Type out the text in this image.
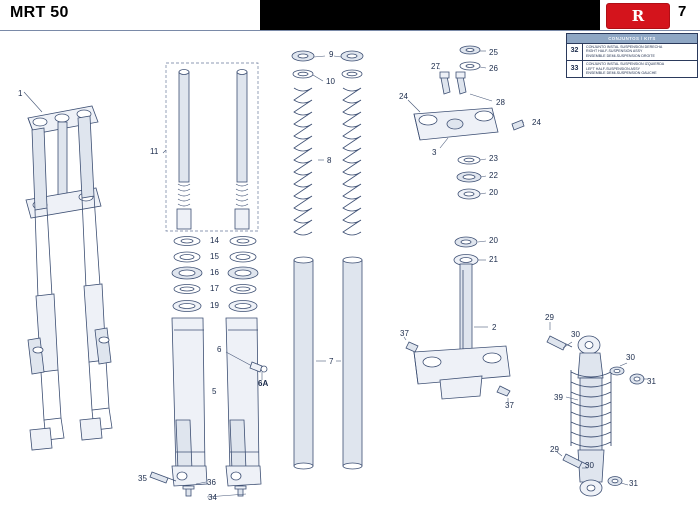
MRT 50	R 7
CONJUNTOS / KITS
32
CONJUNTO INSTAL SUSPENSION DERECHA
RIGHT HALF-SUSPENSION ASSY
ENSEMBLE DEMI-SUSPENSION DROITE
33
CONJUNTO INSTAL SUSPENSION IZQUIERDA
LEFT HALF-SUSPENSION ASSY
ENSEMBLE DEMI-SUSPENSION GAUCHE
1
9	25
26
27
10
24
28
24
11
8
3
23
22
20
14	20
15	21
16
17
19
29
2
37	30
30
7
6
6A	31
5
39
37
29
30
31
35	36
34
